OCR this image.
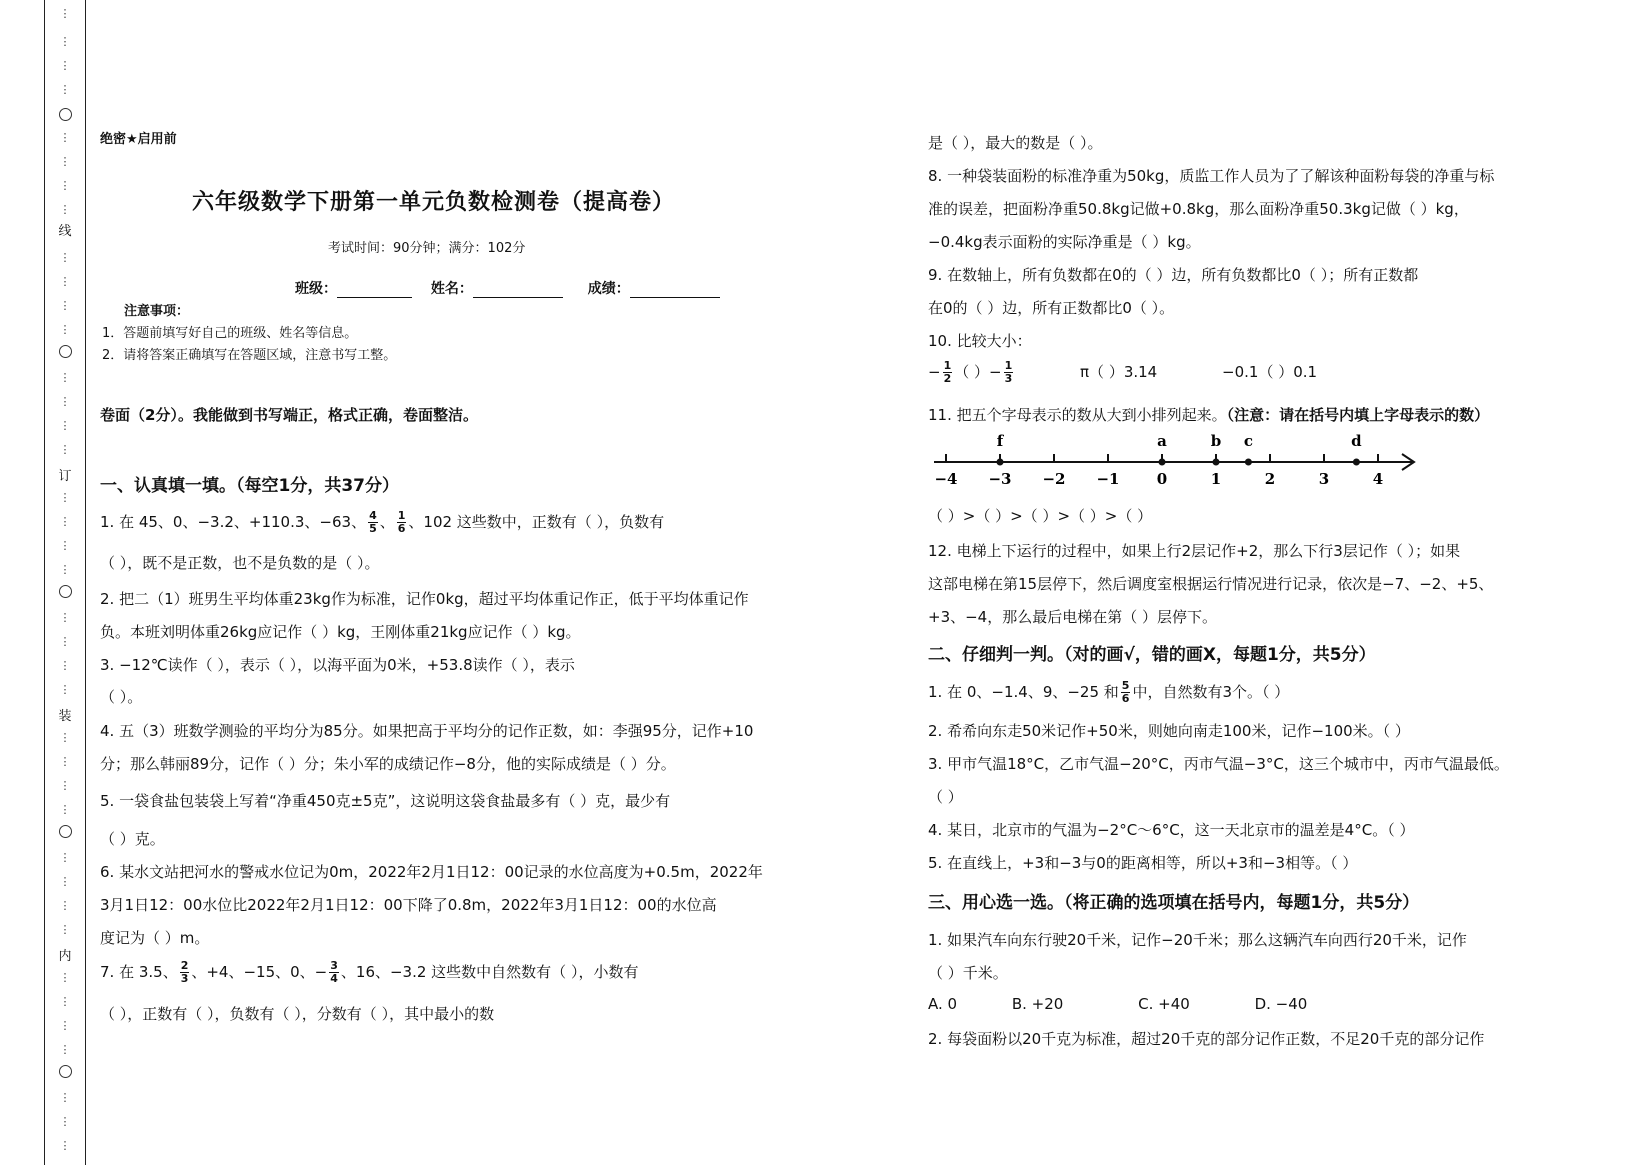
⋮
⋮
⋮
⋮
⋮
⋮
⋮
⋮
⋮
⋮
⋮
⋮
⋮
⋮
⋮
⋮
⋮
⋮
⋮
⋮
⋮
⋮
⋮
⋮
⋮
⋮
⋮
⋮
⋮
⋮
⋮
⋮
⋮
⋮
⋮
⋮
⋮
⋮
⋮
线
订
装
内
绝密★启用前
六年级数学下册第一单元负数检测卷（提高卷）
考试时间：90分钟；满分：102分
班级：	姓名：	成绩：
注意事项：
1．答题前填写好自己的班级、姓名等信息。
2．请将答案正确填写在答题区域，注意书写工整。
卷面（2分）。我能做到书写端正，格式正确，卷面整洁。
一、认真填一填。（每空1分，共37分）
1. 在 45、0、−3.2、+110.3、−63、 $\frac{4}{5}$ 、 $\frac{1}{6}$ 、102 这些数中，正数有（ ），负数有
（ ），既不是正数，也不是负数的是（ ）。
2. 把二（1）班男生平均体重23kg作为标准，记作0kg，超过平均体重记作正，低于平均体重记作
负。本班刘明体重26kg应记作（ ）kg，王刚体重21kg应记作（ ）kg。
3. −12℃读作（ ），表示（ ），以海平面为0米，+53.8读作（ ），表示
（ ）。
4. 五（3）班数学测验的平均分为85分。如果把高于平均分的记作正数，如：李强95分，记作+10
分；那么韩丽89分，记作（ ）分；朱小军的成绩记作−8分，他的实际成绩是（ ）分。
5. 一袋食盐包装袋上写着“净重450克±5克”，这说明这袋食盐最多有（ ）克，最少有
（ ）克。
6. 某水文站把河水的警戒水位记为0m，2022年2月1日12：00记录的水位高度为+0.5m，2022年
3月1日12：00水位比2022年2月1日12：00下降了0.8m，2022年3月1日12：00的水位高
度记为（ ）m。
7. 在 3.5、 $\frac{2}{3}$ 、+4、−15、0、− $\frac{3}{4}$ 、16、−3.2 这些数中自然数有（ ），小数有
（ ），正数有（ ），负数有（ ），分数有（ ），其中最小的数
是（ ），最大的数是（ ）。
8. 一种袋装面粉的标准净重为50kg，质监工作人员为了了解该种面粉每袋的净重与标
准的误差，把面粉净重50.8kg记做+0.8kg，那么面粉净重50.3kg记做（ ）kg，
−0.4kg表示面粉的实际净重是（ ）kg。
9. 在数轴上，所有负数都在0的（ ）边，所有负数都比0（ ）；所有正数都
在0的（ ）边，所有正数都比0（ ）。
10. 比较大小：
− $\frac{1}{2}$ （ ）− $\frac{1}{3}$	π（ ）3.14	−0.1（ ）0.1
11. 把五个字母表示的数从大到小排列起来。（注意：请在括号内填上字母表示的数）
−4 −3 −2 −1 0	1	2	3	4
f	a	b c	d
（ ）>（ ）>（ ）>（ ）>（ ）
12. 电梯上下运行的过程中，如果上行2层记作+2，那么下行3层记作（ ）；如果
这部电梯在第15层停下，然后调度室根据运行情况进行记录，依次是−7、−2、+5、
+3、−4，那么最后电梯在第（ ）层停下。
二、仔细判一判。（对的画√，错的画X，每题1分，共5分）
1. 在 0、−1.4、9、−25 和 $\frac{5}{6}$ 中，自然数有3个。（ ）
2. 希希向东走50米记作+50米，则她向南走100米，记作−100米。（ ）
3. 甲市气温18°C，乙市气温−20°C，丙市气温−3°C，这三个城市中，丙市气温最低。
（ ）
4. 某日，北京市的气温为−2°C～6°C，这一天北京市的温差是4°C。（ ）
5. 在直线上，+3和−3与0的距离相等，所以+3和−3相等。（ ）
三、用心选一选。（将正确的选项填在括号内，每题1分，共5分）
1. 如果汽车向东行驶20千米，记作−20千米；那么这辆汽车向西行20千米，记作
（ ）千米。
A. 0	B. +20	C. +40	D. −40
2. 每袋面粉以20千克为标准，超过20千克的部分记作正数，不足20千克的部分记作
